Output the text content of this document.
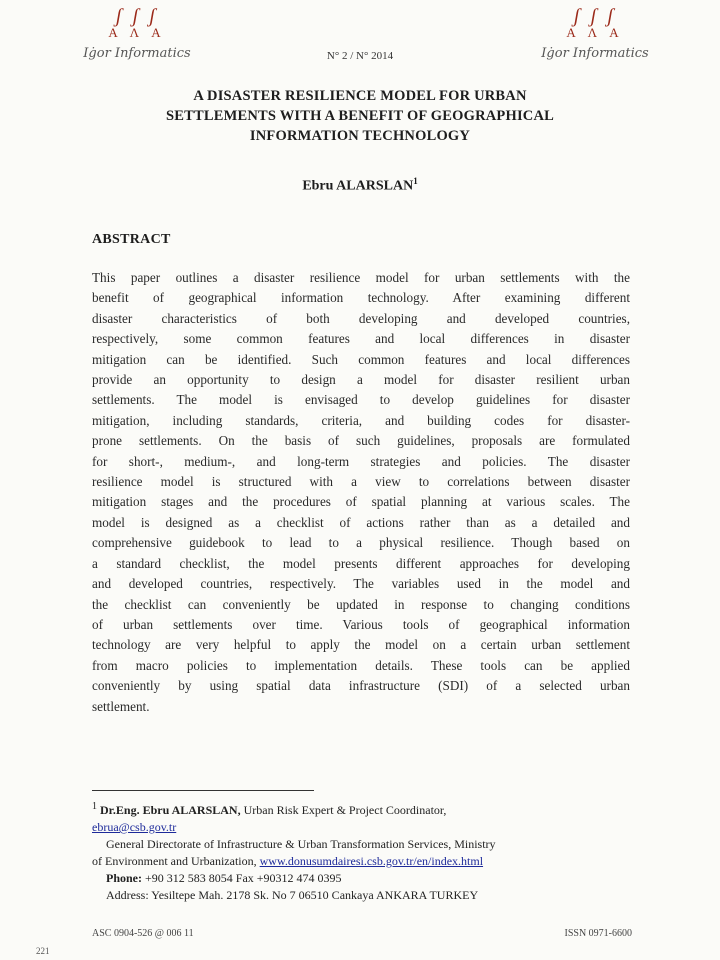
ʃ ʃ ʃ
Α Λ Α
Iġor Informatics
ʃ ʃ ʃ
Α Λ Α
Iġor Informatics
N° 2 / N° 2014
A DISASTER RESILIENCE MODEL FOR URBAN
SETTLEMENTS WITH A BENEFIT OF GEOGRAPHICAL
INFORMATION TECHNOLOGY
Ebru ALARSLAN$^1$
ABSTRACT
This paper outlines a disaster resilience model for urban settlements with the
benefit of geographical information technology. After examining different
disaster characteristics of both developing and developed countries,
respectively, some common features and local differences in disaster
mitigation can be identified. Such common features and local differences
provide an opportunity to design a model for disaster resilient urban
settlements. The model is envisaged to develop guidelines for disaster
mitigation, including standards, criteria, and building codes for disaster-
prone settlements. On the basis of such guidelines, proposals are formulated
for short-, medium-, and long-term strategies and policies. The disaster
resilience model is structured with a view to correlations between disaster
mitigation stages and the procedures of spatial planning at various scales. The
model is designed as a checklist of actions rather than as a detailed and
comprehensive guidebook to lead to a physical resilience. Though based on
a standard checklist, the model presents different approaches for developing
and developed countries, respectively. The variables used in the model and
the checklist can conveniently be updated in response to changing conditions
of urban settlements over time. Various tools of geographical information
technology are very helpful to apply the model on a certain urban settlement
from macro policies to implementation details. These tools can be applied
conveniently by using spatial data infrastructure (SDI) of a selected urban
settlement.
$^1$ Dr.Eng. Ebru ALARSLAN, Urban Risk Expert & Project Coordinator,
ebrua@csb.gov.tr
General Directorate of Infrastructure & Urban Transformation Services, Ministry
of Environment and Urbanization, www.donusumdairesi.csb.gov.tr/en/index.html
Phone: +90 312 583 8054 Fax +90312 474 0395
Address: Yesiltepe Mah. 2178 Sk. No 7 06510 Cankaya ANKARA TURKEY
ASC 0904-526 @ 006 11	ISSN 0971-6600
221
